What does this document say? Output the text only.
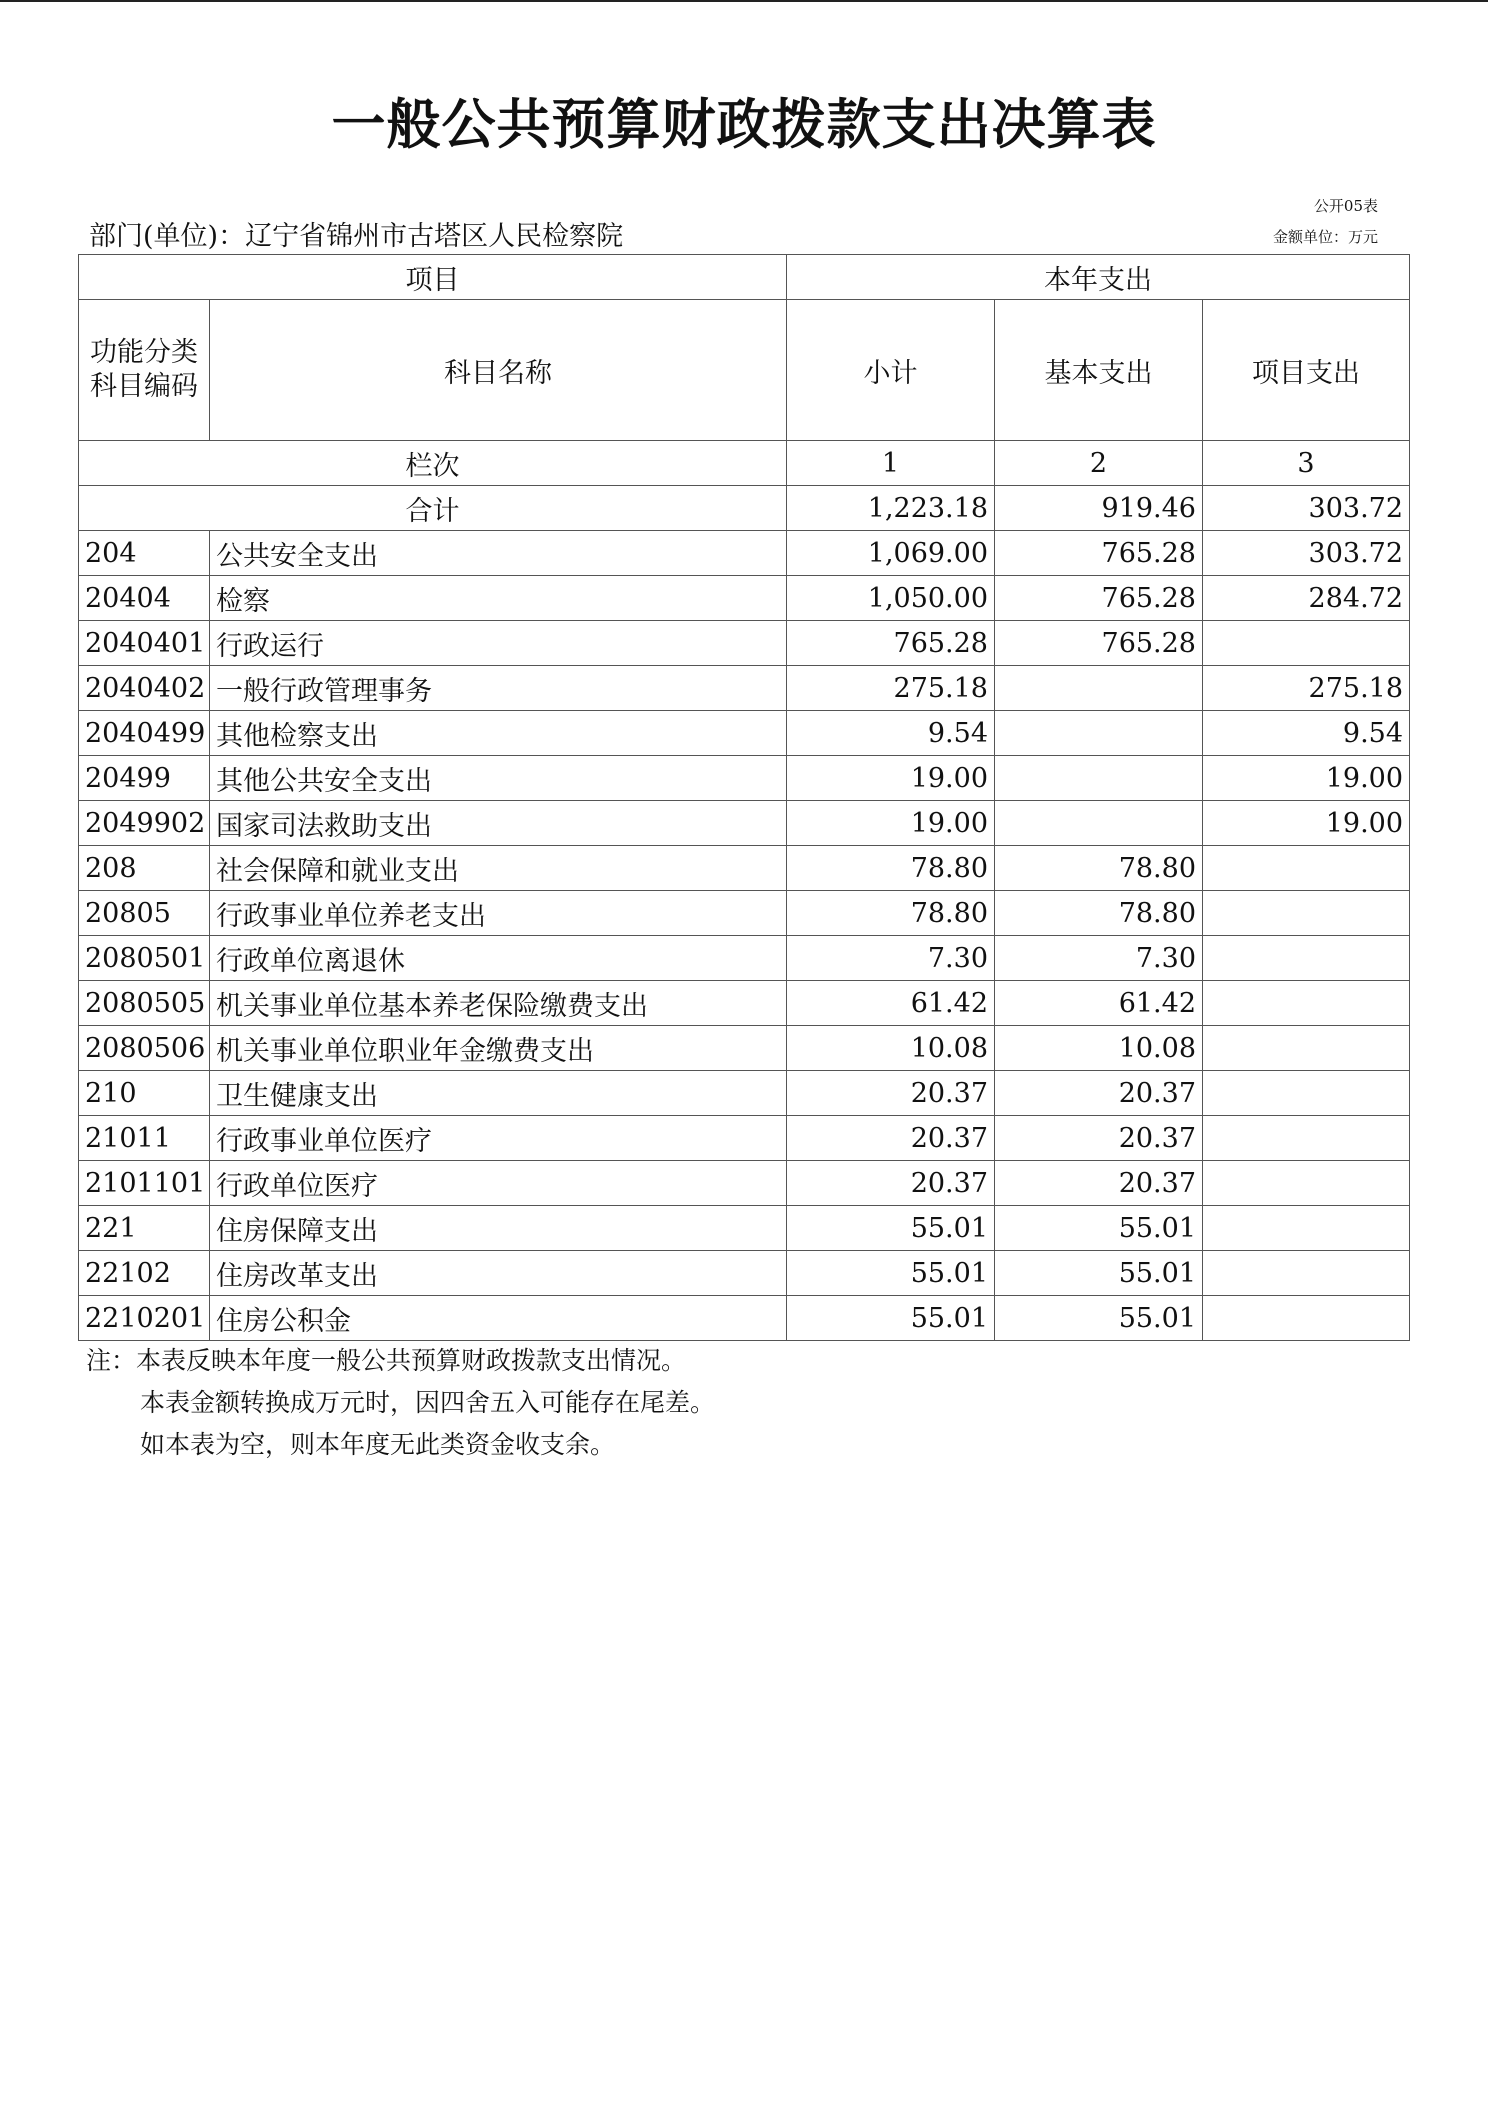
一般公共预算财政拨款支出决算表
公开05表
金额单位：万元
部门(单位)：辽宁省锦州市古塔区人民检察院
项目		本年支出		
功能分类科目编码	科目名称	小计	基本支出	项目支出
栏次		1	2	3
合计		1,223.18	919.46	303.72
204	公共安全支出	1,069.00	765.28	303.72
20404	检察	1,050.00	765.28	284.72
2040401	行政运行	765.28	765.28	
2040402	一般行政管理事务	275.18		275.18
2040499	其他检察支出	9.54		9.54
20499	其他公共安全支出	19.00		19.00
2049902	国家司法救助支出	19.00		19.00
208	社会保障和就业支出	78.80	78.80	
20805	行政事业单位养老支出	78.80	78.80	
2080501	行政单位离退休	7.30	7.30	
2080505	机关事业单位基本养老保险缴费支出	61.42	61.42	
2080506	机关事业单位职业年金缴费支出	10.08	10.08	
210	卫生健康支出	20.37	20.37	
21011	行政事业单位医疗	20.37	20.37	
2101101	行政单位医疗	20.37	20.37	
221	住房保障支出	55.01	55.01	
22102	住房改革支出	55.01	55.01	
2210201	住房公积金	55.01	55.01	
注：本表反映本年度一般公共预算财政拨款支出情况。
本表金额转换成万元时，因四舍五入可能存在尾差。
如本表为空，则本年度无此类资金收支余。
